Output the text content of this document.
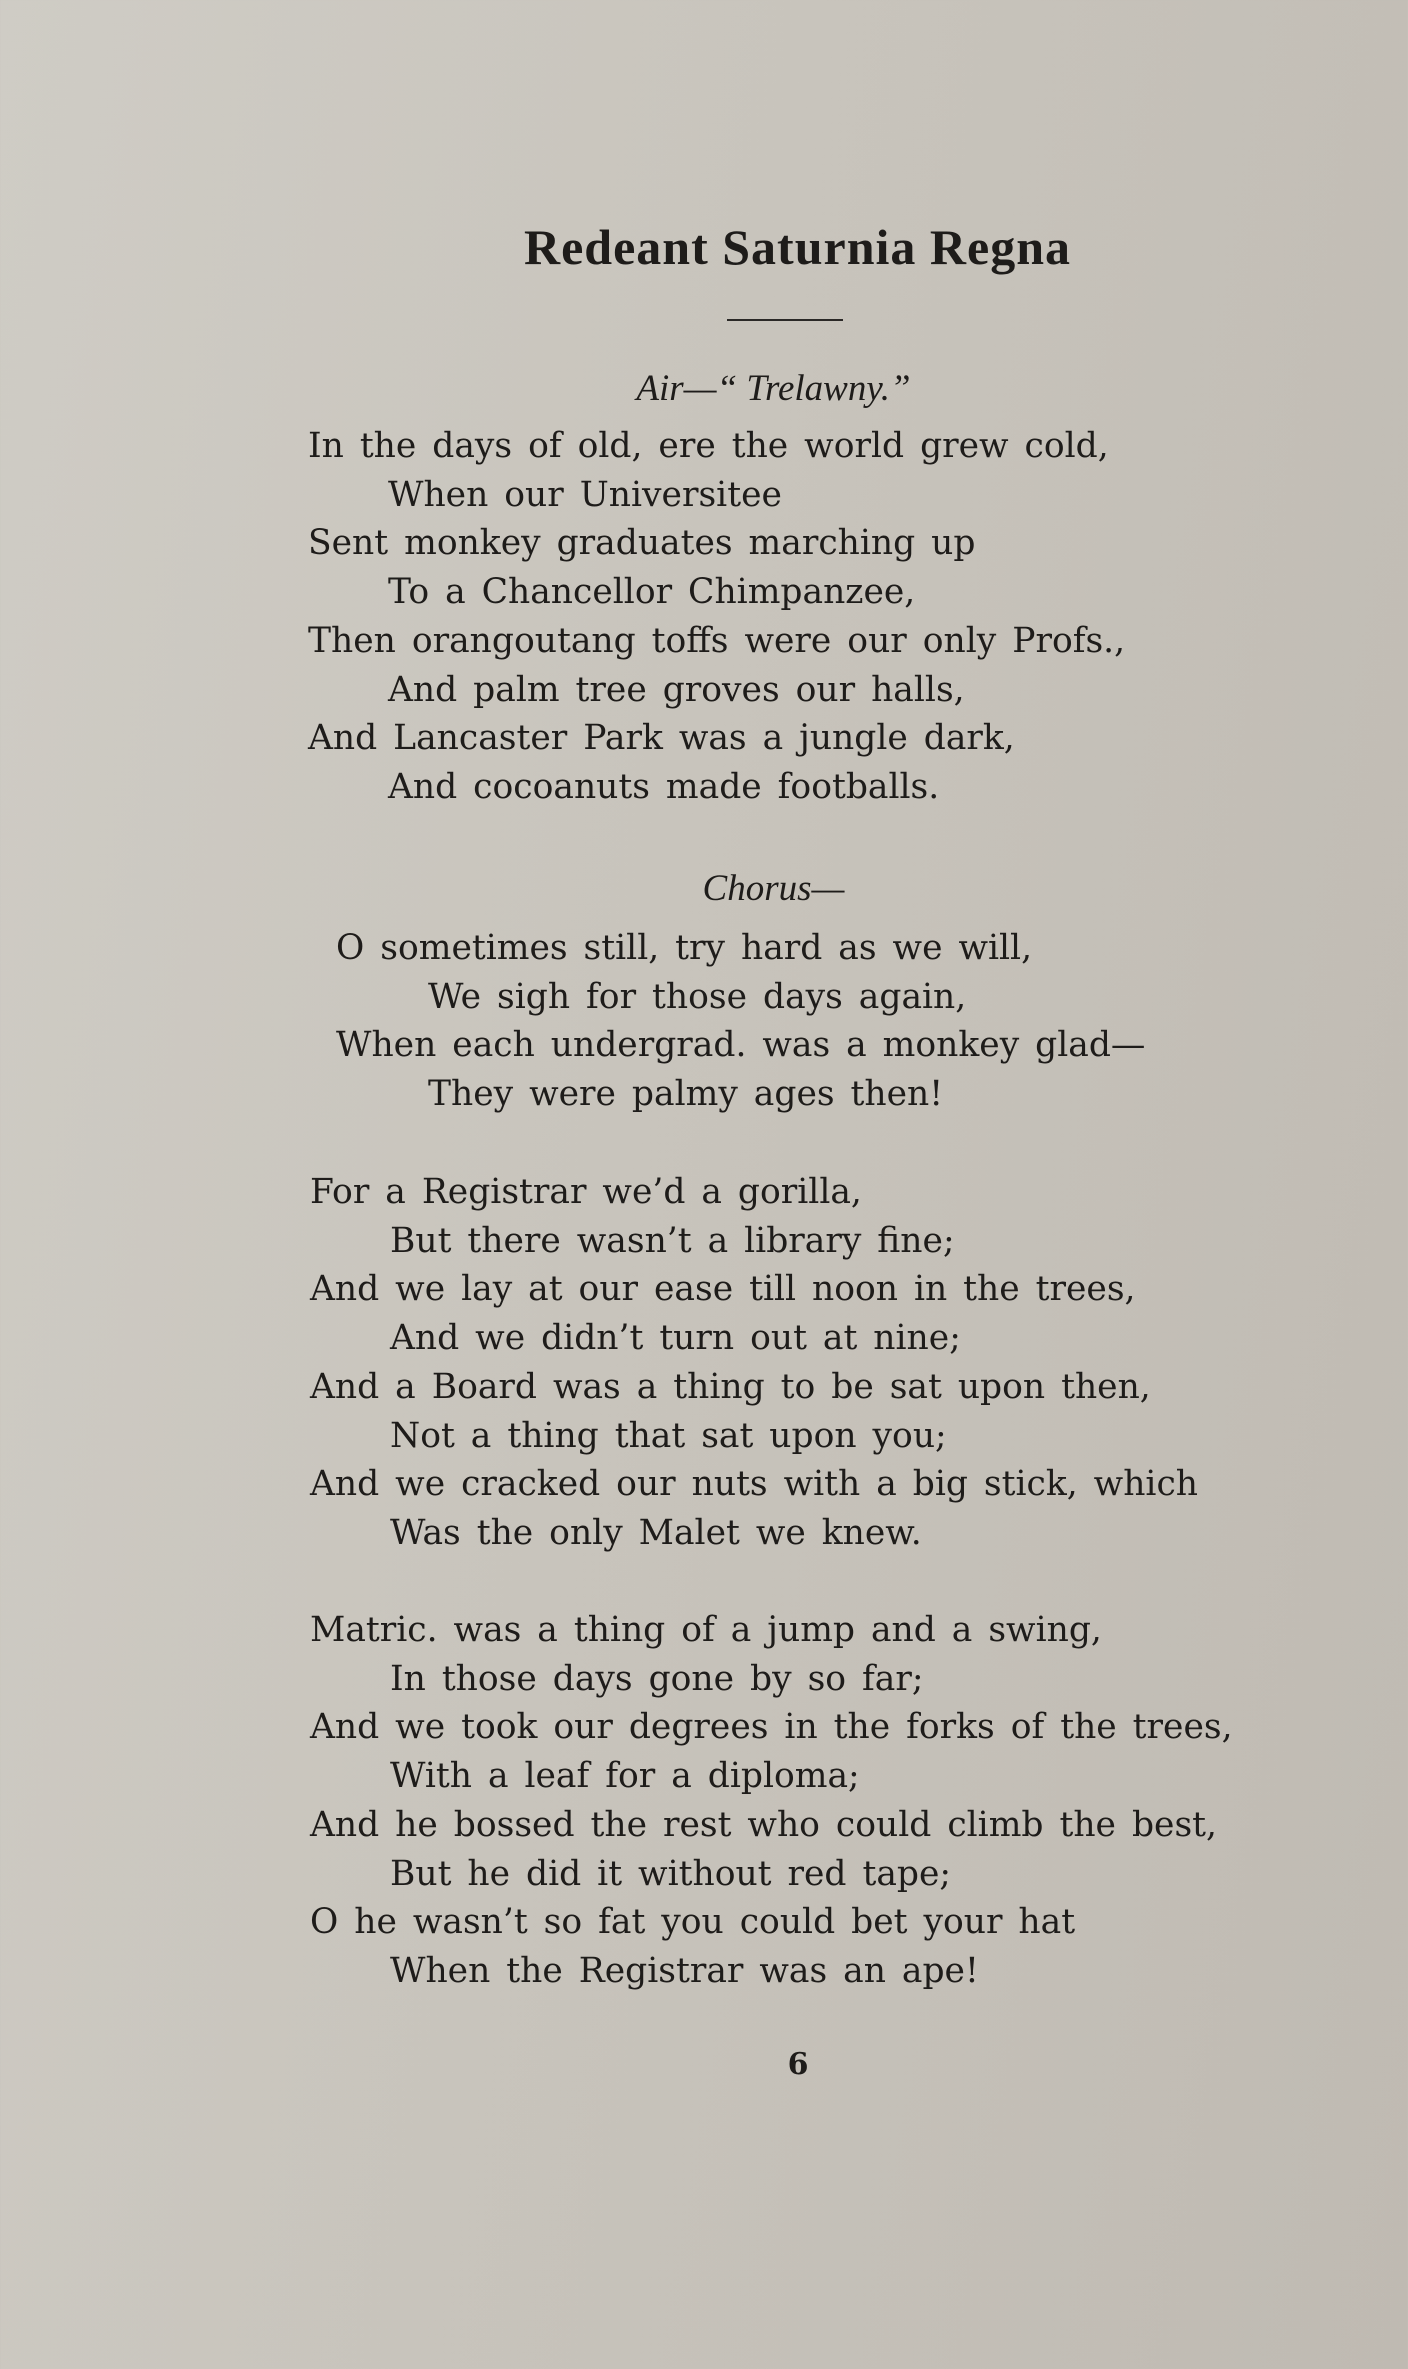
Redeant Saturnia Regna

Air—“ Trelawny.”

In the days of old, ere the world grew cold,
When our Universitee
Sent monkey graduates marching up
To a Chancellor Chimpanzee,
Then orangoutang toffs were our only Profs.,
And palm tree groves our halls,
And Lancaster Park was a jungle dark,
And cocoanuts made footballs.

Chorus—

O sometimes still, try hard as we will,
We sigh for those days again,
When each undergrad. was a monkey glad—
They were palmy ages then!
For a Registrar we’d a gorilla,
But there wasn’t a library fine;
And we lay at our ease till noon in the trees,
And we didn’t turn out at nine;
And a Board was a thing to be sat upon then,
Not a thing that sat upon you;
And we cracked our nuts with a big stick, which
Was the only Malet we knew.
Matric. was a thing of a jump and a swing,
In those days gone by so far;
And we took our degrees in the forks of the trees,
With a leaf for a diploma;
And he bossed the rest who could climb the best,
But he did it without red tape;
O he wasn’t so fat you could bet your hat
When the Registrar was an ape!

6
